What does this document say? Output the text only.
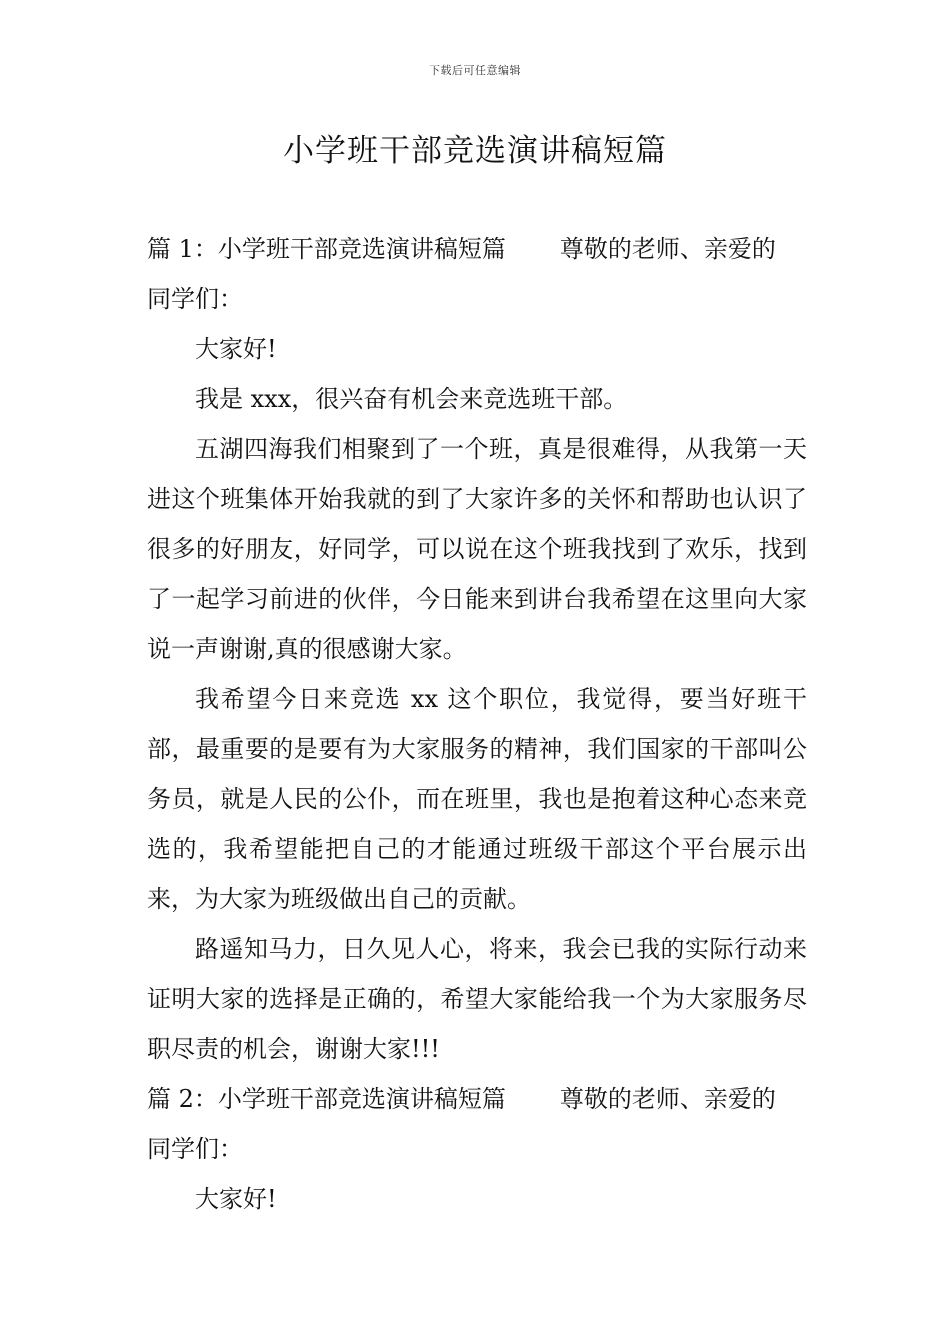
下载后可任意编辑
小学班干部竞选演讲稿短篇

篇 1：小学班干部竞选演讲稿短篇 尊敬的老师、亲爱的

同学们：

大家好!

我是 xxx，很兴奋有机会来竞选班干部。

五湖四海我们相聚到了一个班，真是很难得，从我第一天进这个班集体开始我就的到了大家许多的关怀和帮助也认识了很多的好朋友，好同学，可以说在这个班我找到了欢乐，找到了一起学习前进的伙伴，今日能来到讲台我希望在这里向大家说一声谢谢,真的很感谢大家。

我希望今日来竞选 xx 这个职位，我觉得，要当好班干部，最重要的是要有为大家服务的精神，我们国家的干部叫公务员，就是人民的公仆，而在班里，我也是抱着这种心态来竞选的，我希望能把自己的才能通过班级干部这个平台展示出来，为大家为班级做出自己的贡献。

路遥知马力，日久见人心，将来，我会已我的实际行动来证明大家的选择是正确的，希望大家能给我一个为大家服务尽职尽责的机会，谢谢大家!!!

篇 2：小学班干部竞选演讲稿短篇 尊敬的老师、亲爱的

同学们：

大家好!
